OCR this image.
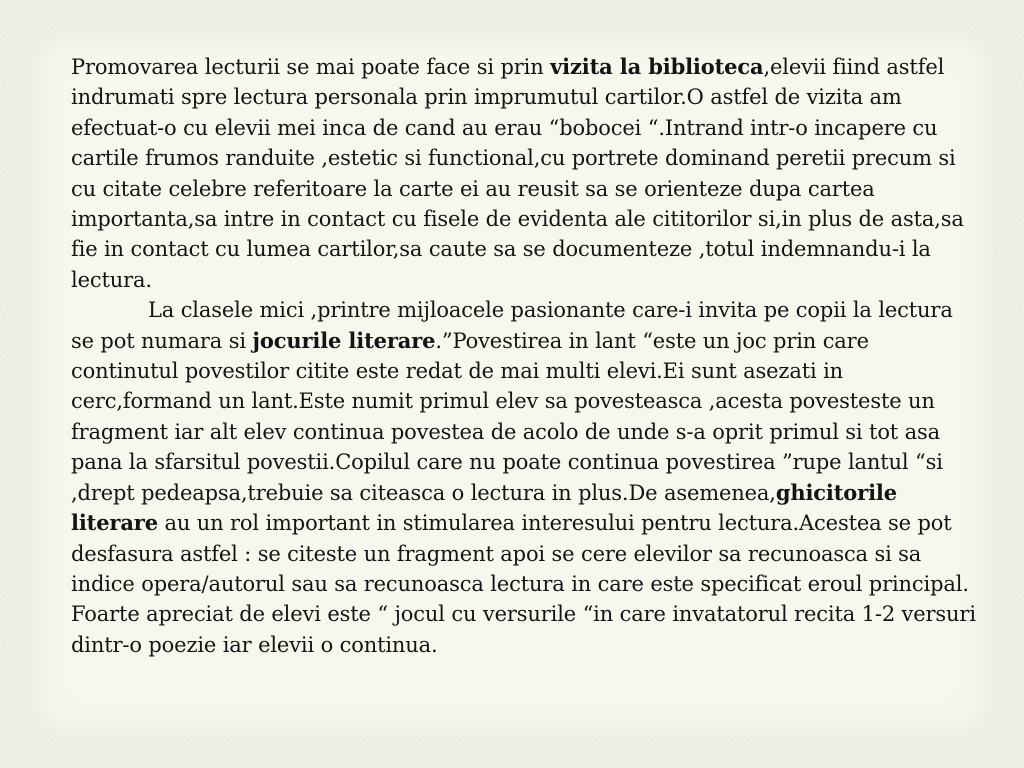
Promovarea lecturii se mai poate face si prin vizita la biblioteca,elevii fiind astfel indrumati spre lectura personala prin imprumutul cartilor.O astfel de vizita am efectuat-o cu elevii mei inca de cand au erau “bobocei “.Intrand intr-o incapere cu cartile frumos randuite ,estetic si functional,cu portrete dominand peretii precum si cu citate celebre referitoare la carte ei au reusit sa se orienteze dupa cartea importanta,sa intre in contact cu fisele de evidenta ale cititorilor si,in plus de asta,sa fie in contact cu lumea cartilor,sa caute sa se documenteze ,totul indemnandu-i la lectura.

La clasele mici ,printre mijloacele pasionante care-i invita pe copii la lectura se pot numara si jocurile literare.”Povestirea in lant “este un joc prin care continutul povestilor citite este redat de mai multi elevi.Ei sunt asezati in cerc,formand un lant.Este numit primul elev sa povesteasca ,acesta povesteste un fragment iar alt elev continua povestea de acolo de unde s-a oprit primul si tot asa pana la sfarsitul povestii.Copilul care nu poate continua povestirea ”rupe lantul “si ,drept pedeapsa,trebuie sa citeasca o lectura in plus.De asemenea,ghicitorile literare au un rol important in stimularea interesului pentru lectura.Acestea se pot desfasura astfel : se citeste un fragment apoi se cere elevilor sa recunoasca si sa indice opera/autorul sau sa recunoasca lectura in care este specificat eroul principal. Foarte apreciat de elevi este “ jocul cu versurile “in care invatatorul recita 1-2 versuri dintr-o poezie iar elevii o continua.
